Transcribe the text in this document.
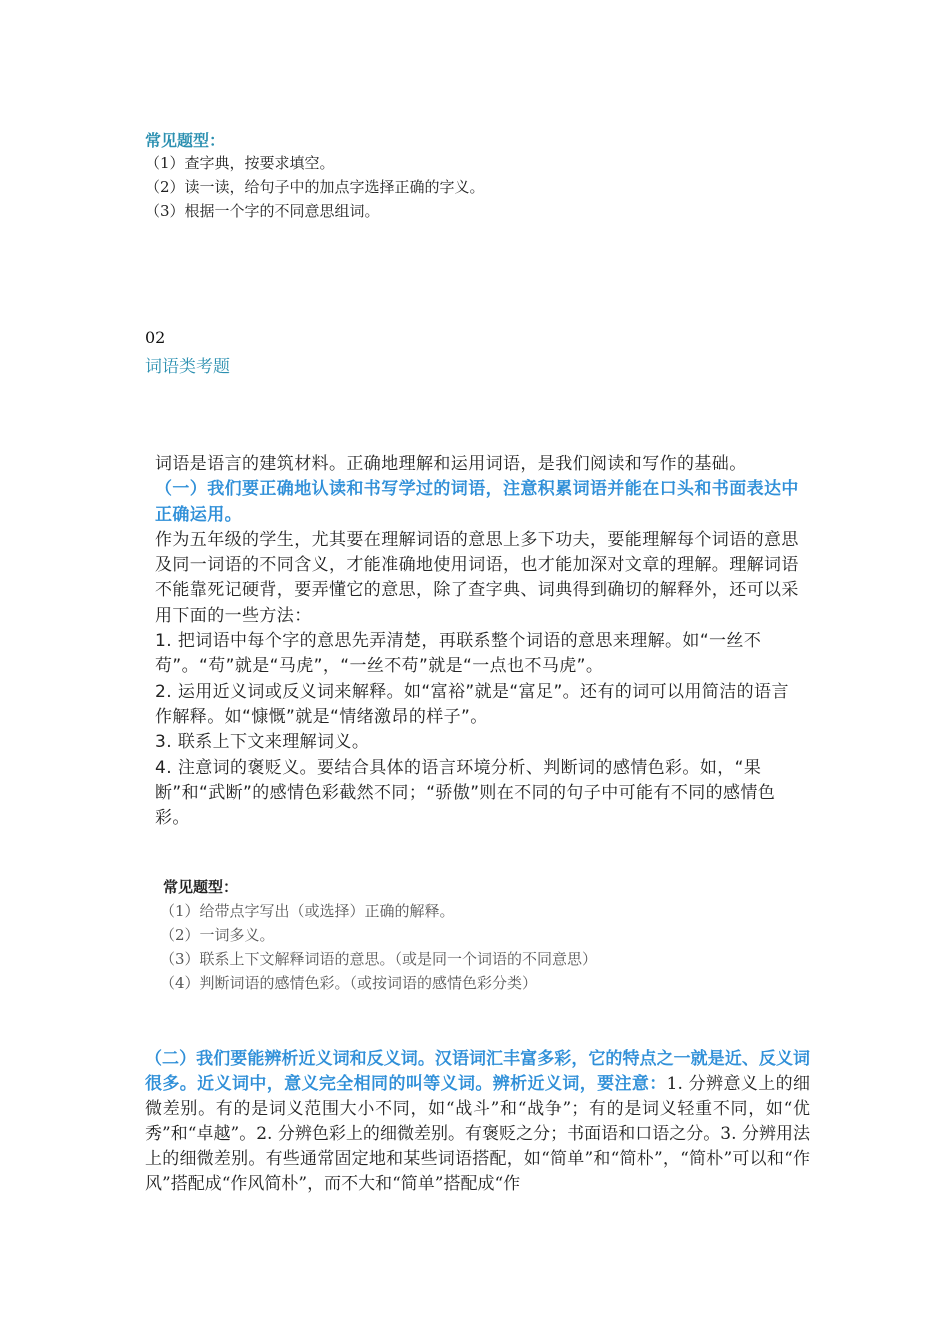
常见题型：
（1）查字典，按要求填空。
（2）读一读，给句子中的加点字选择正确的字义。
（3）根据一个字的不同意思组词。
02
词语类考题

词语是语言的建筑材料。正确地理解和运用词语，是我们阅读和写作的基础。

（一）我们要正确地认读和书写学过的词语，注意积累词语并能在口头和书面表达中正确运用。

作为五年级的学生，尤其要在理解词语的意思上多下功夫，要能理解每个词语的意思及同一词语的不同含义，才能准确地使用词语，也才能加深对文章的理解。理解词语不能靠死记硬背，要弄懂它的意思，除了查字典、词典得到确切的解释外，还可以采用下面的一些方法：

1. 把词语中每个字的意思先弄清楚，再联系整个词语的意思来理解。如“一丝不苟”。“苟”就是“马虎”，“一丝不苟”就是“一点也不马虎”。

2. 运用近义词或反义词来解释。如“富裕”就是“富足”。还有的词可以用简洁的语言作解释。如“慷慨”就是“情绪激昂的样子”。

3. 联系上下文来理解词义。

4. 注意词的褒贬义。要结合具体的语言环境分析、判断词的感情色彩。如，“果断”和“武断”的感情色彩截然不同；“骄傲”则在不同的句子中可能有不同的感情色彩。

常见题型：
（1）给带点字写出（或选择）正确的解释。
（2）一词多义。
（3）联系上下文解释词语的意思。（或是同一个词语的不同意思）
（4）判断词语的感情色彩。（或按词语的感情色彩分类）
（二）我们要能辨析近义词和反义词。汉语词汇丰富多彩，它的特点之一就是近、反义词很多。近义词中，意义完全相同的叫等义词。辨析近义词，要注意：1. 分辨意义上的细微差别。有的是词义范围大小不同，如“战斗”和“战争”；有的是词义轻重不同，如“优秀”和“卓越”。2. 分辨色彩上的细微差别。有褒贬之分；书面语和口语之分。3. 分辨用法上的细微差别。有些通常固定地和某些词语搭配，如“简单”和“简朴”，“简朴”可以和“作风”搭配成“作风简朴”，而不大和“简单”搭配成“作
